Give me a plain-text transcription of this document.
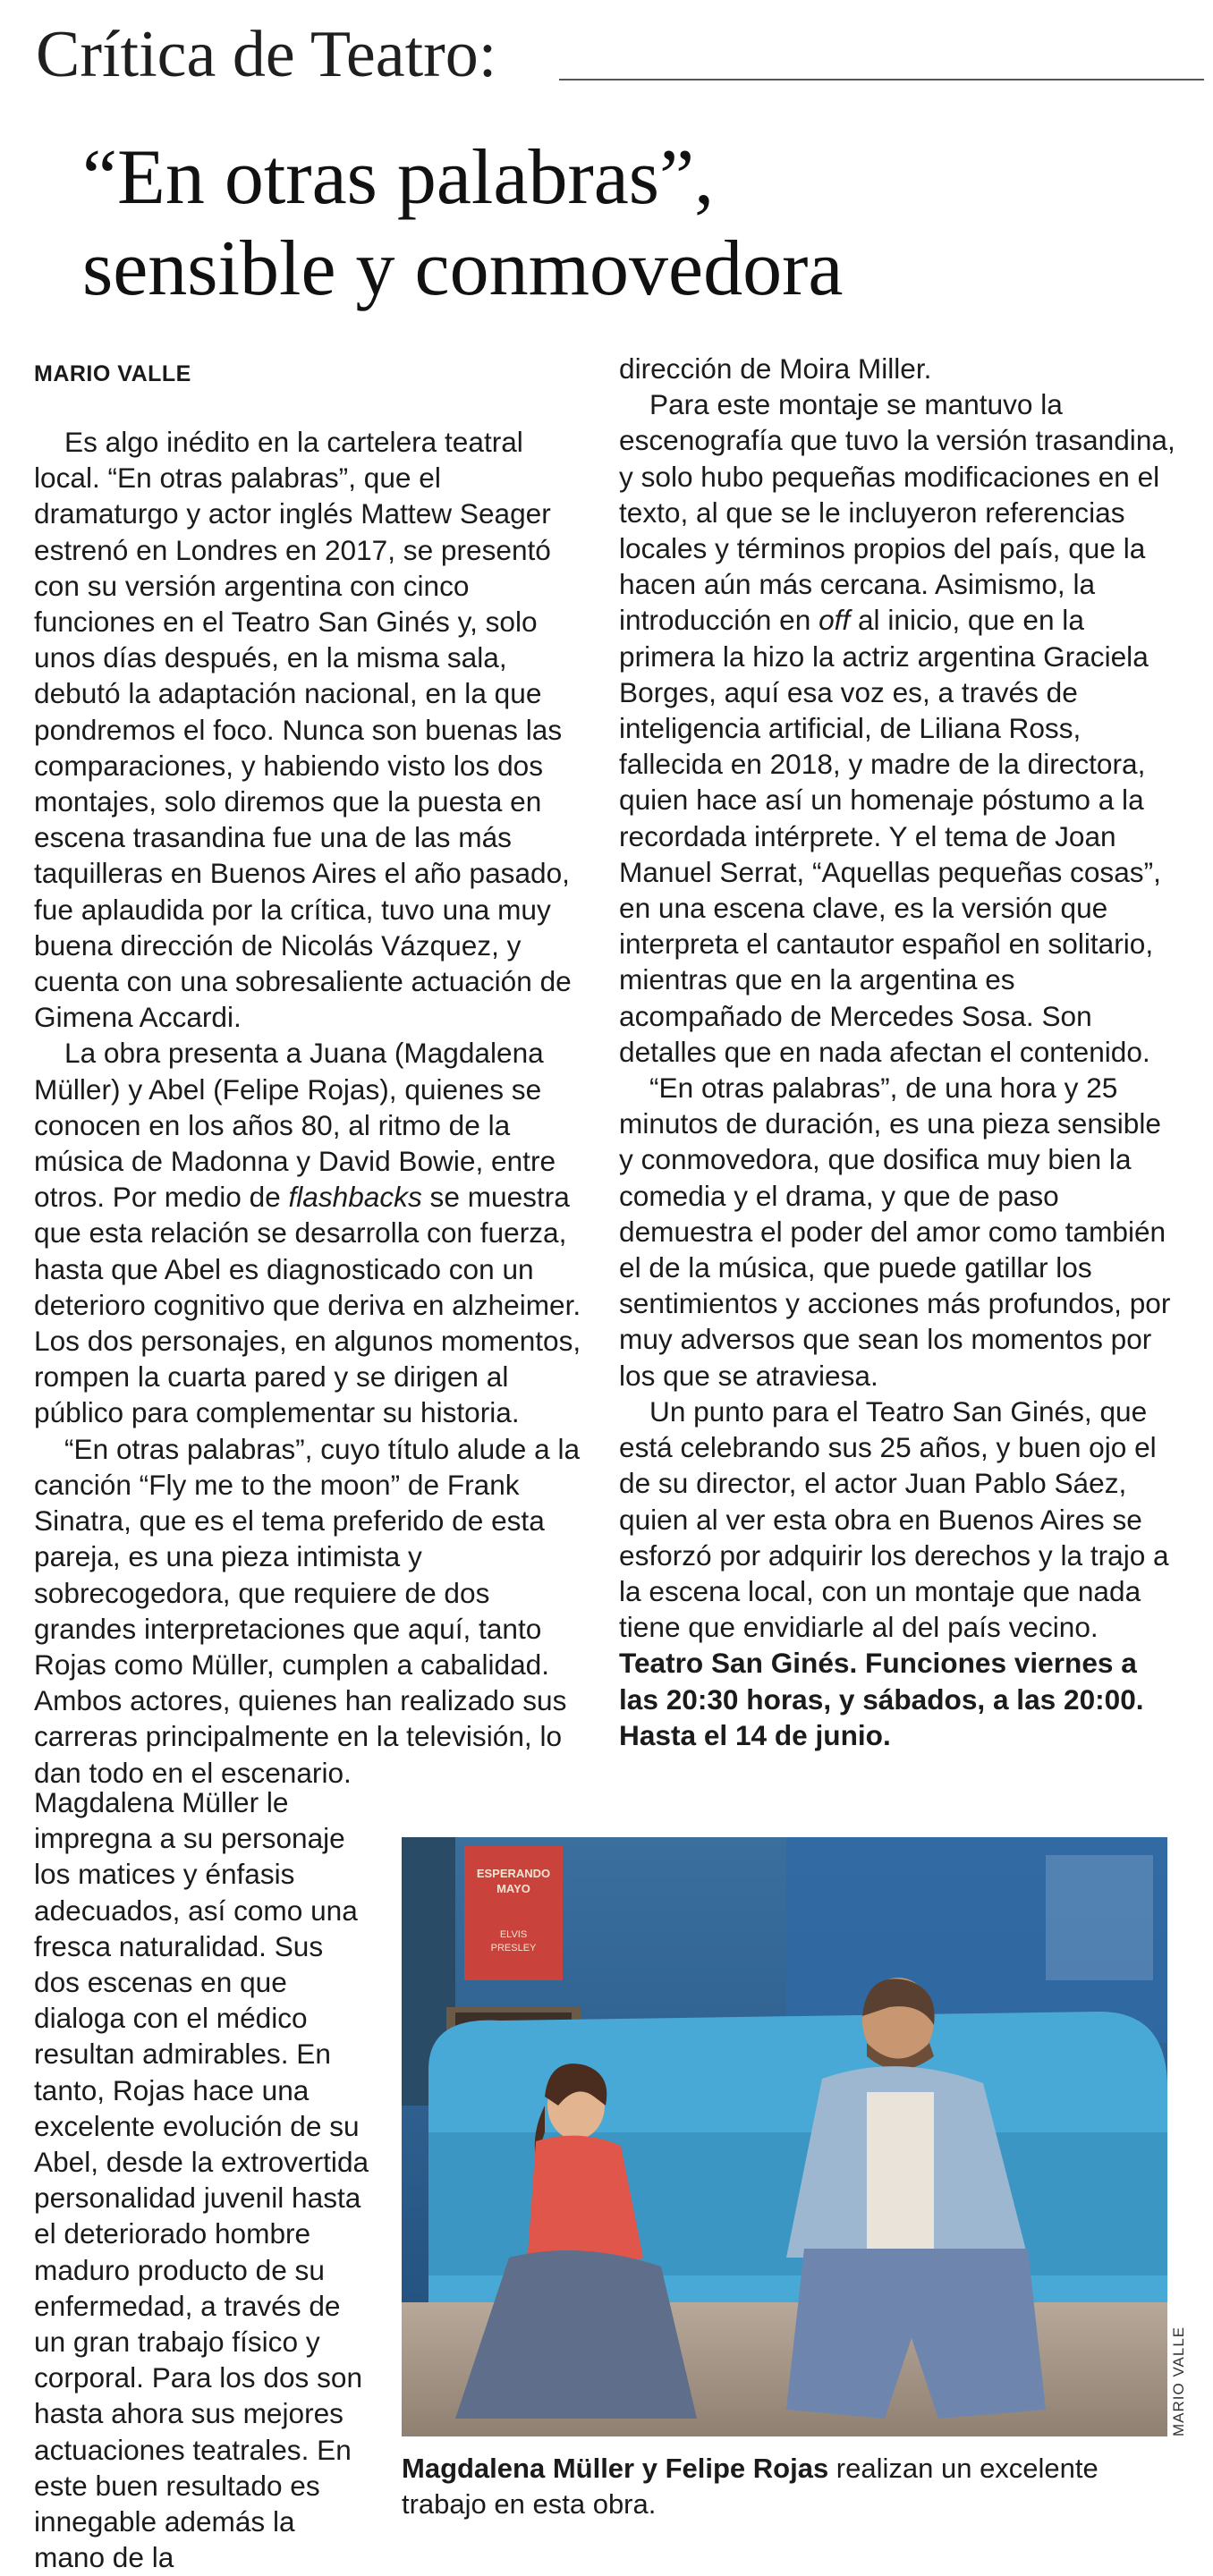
Crítica de Teatro:
“En otras palabras”,
sensible y conmovedora
MARIO VALLE

Es algo inédito en la cartelera teatral local. “En otras palabras”, que el dramaturgo y actor inglés Mattew Seager estrenó en Londres en 2017, se presentó con su versión argentina con cinco funciones en el Teatro San Ginés y, solo unos días después, en la misma sala, debutó la adaptación nacional, en la que pondremos el foco. Nunca son buenas las comparaciones, y habiendo visto los dos montajes, solo diremos que la puesta en escena trasandina fue una de las más taquilleras en Buenos Aires el año pasado, fue aplaudida por la crítica, tuvo una muy buena dirección de Nicolás Vázquez, y cuenta con una sobresaliente actuación de Gimena Accardi.

La obra presenta a Juana (Magdalena Müller) y Abel (Felipe Rojas), quienes se conocen en los años 80, al ritmo de la música de Madonna y David Bowie, entre otros. Por medio de flashbacks se muestra que esta relación se desarrolla con fuerza, hasta que Abel es diagnosticado con un deterioro cognitivo que deriva en alzheimer. Los dos personajes, en algunos momentos, rompen la cuarta pared y se dirigen al público para complementar su historia.

“En otras palabras”, cuyo título alude a la canción “Fly me to the moon” de Frank Sinatra, que es el tema preferido de esta pareja, es una pieza intimista y sobrecogedora, que requiere de dos grandes interpretaciones que aquí, tanto Rojas como Müller, cumplen a cabalidad. Ambos actores, quienes han realizado sus carreras principalmente en la televisión, lo dan todo en el escenario.

Magdalena Müller le impregna a su personaje los matices y énfasis adecuados, así como una fresca naturalidad. Sus dos escenas en que dialoga con el médico resultan admirables. En tanto, Rojas hace una excelente evolución de su Abel, desde la extrovertida personalidad juvenil hasta el deteriorado hombre maduro producto de su enfermedad, a través de un gran trabajo físico y corporal. Para los dos son hasta ahora sus mejores actuaciones teatrales. En este buen resultado es innegable además la mano de la

dirección de Moira Miller.

Para este montaje se mantuvo la escenografía que tuvo la versión trasandina, y solo hubo pequeñas modificaciones en el texto, al que se le incluyeron referencias locales y términos propios del país, que la hacen aún más cercana. Asimismo, la introducción en off al inicio, que en la primera la hizo la actriz argentina Graciela Borges, aquí esa voz es, a través de inteligencia artificial, de Liliana Ross, fallecida en 2018, y madre de la directora, quien hace así un homenaje póstumo a la recordada intérprete. Y el tema de Joan Manuel Serrat, “Aquellas pequeñas cosas”, en una escena clave, es la versión que interpreta el cantautor español en solitario, mientras que en la argentina es acompañado de Mercedes Sosa. Son detalles que en nada afectan el contenido.

“En otras palabras”, de una hora y 25 minutos de duración, es una pieza sensible y conmovedora, que dosifica muy bien la comedia y el drama, y que de paso demuestra el poder del amor como también el de la música, que puede gatillar los sentimientos y acciones más profundos, por muy adversos que sean los momentos por los que se atraviesa.

Un punto para el Teatro San Ginés, que está celebrando sus 25 años, y buen ojo el de su director, el actor Juan Pablo Sáez, quien al ver esta obra en Buenos Aires se esforzó por adquirir los derechos y la trajo a la escena local, con un montaje que nada tiene que envidiarle al del país vecino.

Teatro San Ginés. Funciones viernes a las 20:30 horas, y sábados, a las 20:00. Hasta el 14 de junio.

ESPERANDO
MAYO
ELVIS
PRESLEY
MARIO VALLE
Magdalena Müller y Felipe Rojas realizan un excelente trabajo en esta obra.
